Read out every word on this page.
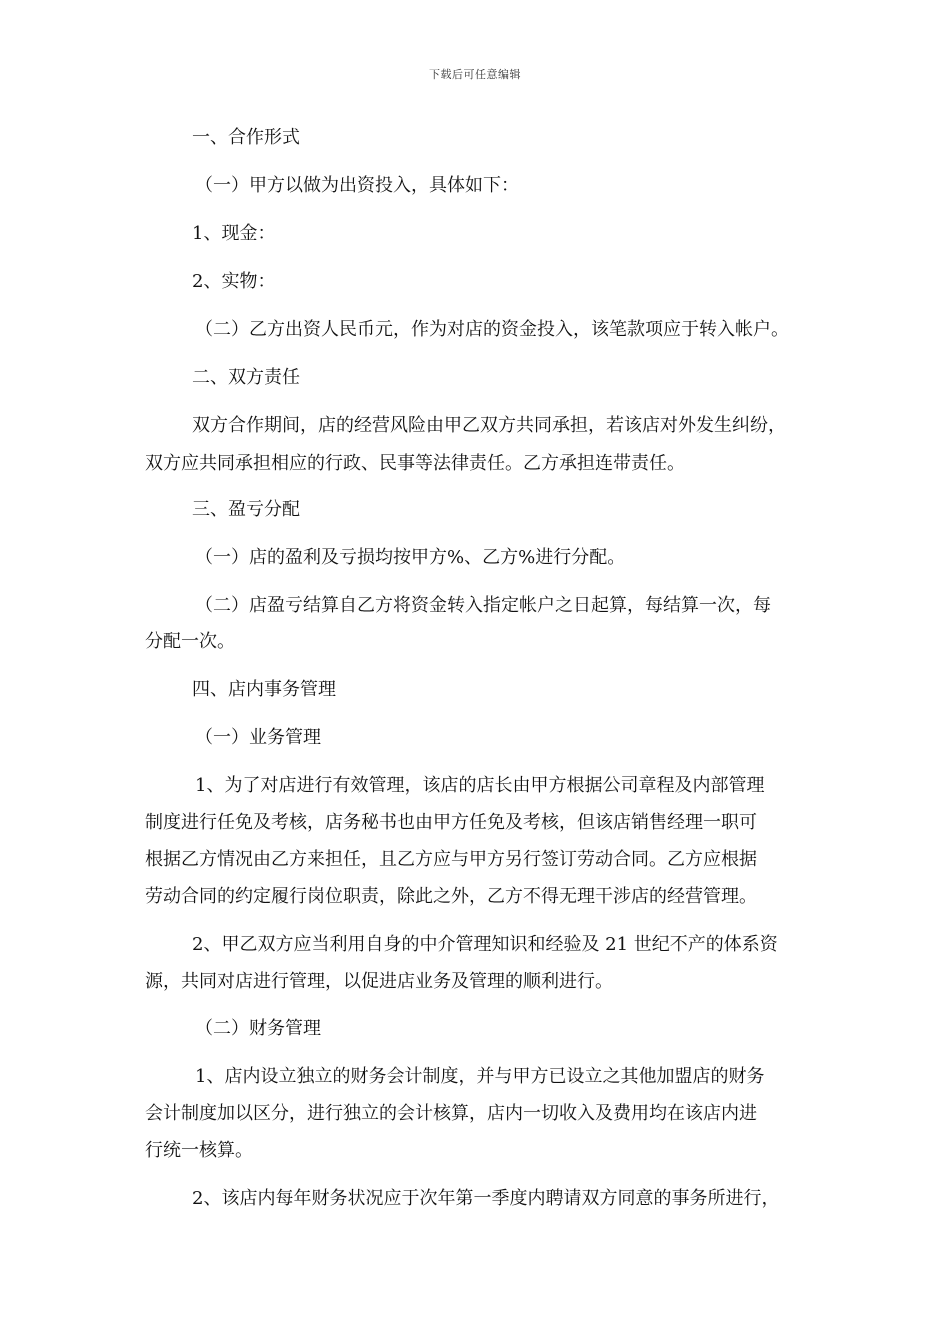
下载后可任意编辑
一、合作形式
（一）甲方以做为出资投入，具体如下：
1、现金：
2、实物：
（二）乙方出资人民币元，作为对店的资金投入，该笔款项应于转入帐户。
二、双方责任
双方合作期间，店的经营风险由甲乙双方共同承担，若该店对外发生纠纷，
双方应共同承担相应的行政、民事等法律责任。乙方承担连带责任。
三、盈亏分配
（一）店的盈利及亏损均按甲方%、乙方%进行分配。
（二）店盈亏结算自乙方将资金转入指定帐户之日起算，每结算一次，每
分配一次。
四、店内事务管理
（一）业务管理
1、为了对店进行有效管理，该店的店长由甲方根据公司章程及内部管理
制度进行任免及考核，店务秘书也由甲方任免及考核，但该店销售经理一职可
根据乙方情况由乙方来担任，且乙方应与甲方另行签订劳动合同。乙方应根据
劳动合同的约定履行岗位职责，除此之外，乙方不得无理干涉店的经营管理。
2、甲乙双方应当利用自身的中介管理知识和经验及 21 世纪不产的体系资
源，共同对店进行管理，以促进店业务及管理的顺利进行。
（二）财务管理
1、店内设立独立的财务会计制度，并与甲方已设立之其他加盟店的财务
会计制度加以区分，进行独立的会计核算，店内一切收入及费用均在该店内进
行统一核算。
2、该店内每年财务状况应于次年第一季度内聘请双方同意的事务所进行，
